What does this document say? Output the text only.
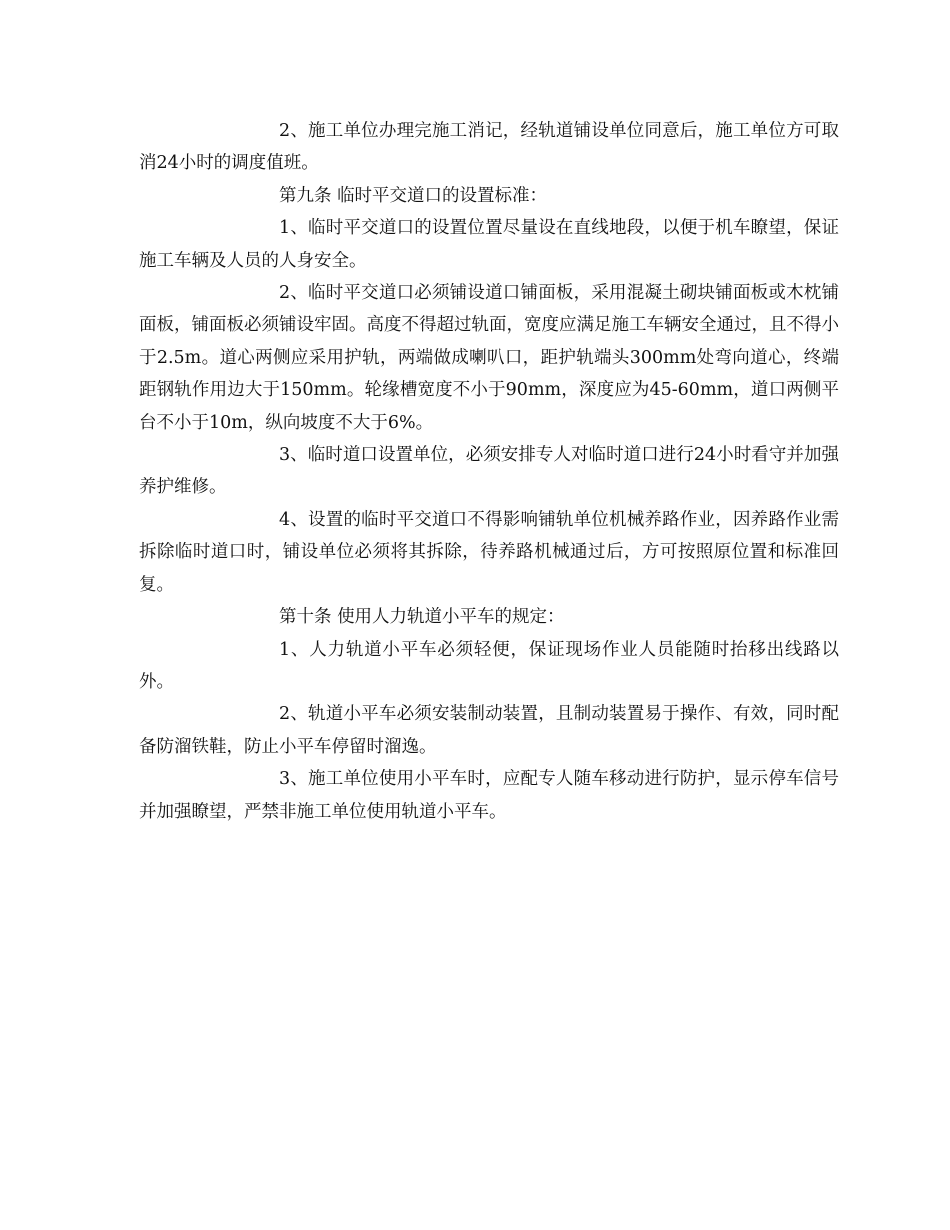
2、施工单位办理完施工消记，经轨道铺设单位同意后，施工单位方可取消24小时的调度值班。

第九条 临时平交道口的设置标准：

1、临时平交道口的设置位置尽量设在直线地段，以便于机车瞭望，保证施工车辆及人员的人身安全。

2、临时平交道口必须铺设道口铺面板，采用混凝土砌块铺面板或木枕铺面板，铺面板必须铺设牢固。高度不得超过轨面，宽度应满足施工车辆安全通过，且不得小于2.5m。道心两侧应采用护轨，两端做成喇叭口，距护轨端头300mm处弯向道心，终端距钢轨作用边大于150mm。轮缘槽宽度不小于90mm，深度应为45-60mm，道口两侧平台不小于10m，纵向坡度不大于6%。

3、临时道口设置单位，必须安排专人对临时道口进行24小时看守并加强养护维修。

4、设置的临时平交道口不得影响铺轨单位机械养路作业，因养路作业需拆除临时道口时，铺设单位必须将其拆除，待养路机械通过后，方可按照原位置和标准回复。

第十条 使用人力轨道小平车的规定：

1、人力轨道小平车必须轻便，保证现场作业人员能随时抬移出线路以外。

2、轨道小平车必须安装制动装置，且制动装置易于操作、有效，同时配备防溜铁鞋，防止小平车停留时溜逸。

3、施工单位使用小平车时，应配专人随车移动进行防护，显示停车信号并加强瞭望，严禁非施工单位使用轨道小平车。
